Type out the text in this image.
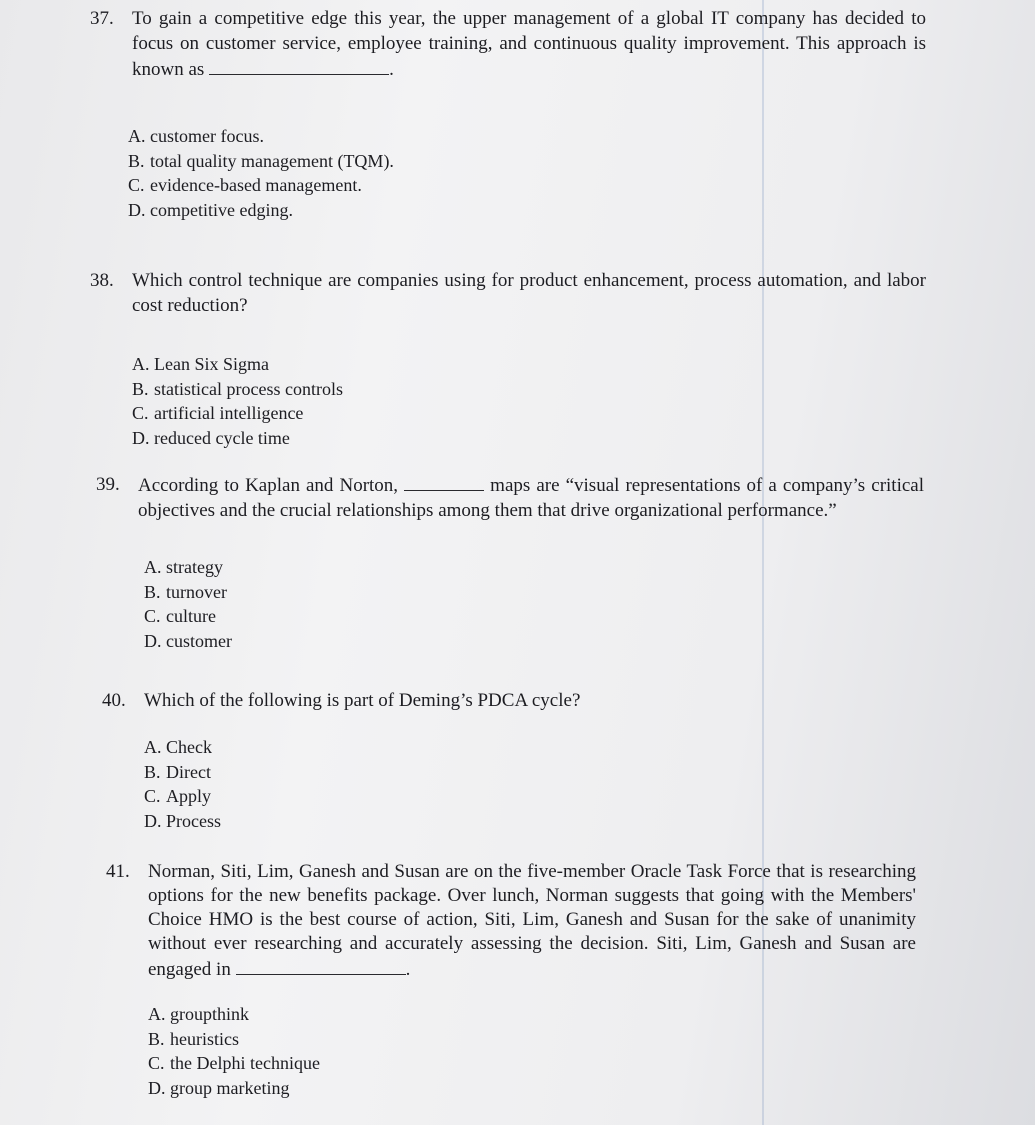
37. To gain a competitive edge this year, the upper management of a global IT company has decided to focus on customer service, employee training, and continuous quality improvement. This approach is known as	.
A. customer focus.
B. total quality management (TQM).
C. evidence-based management.
D. competitive edging.
38. Which control technique are companies using for product enhancement, process automation, and labor cost reduction?
A. Lean Six Sigma
B. statistical process controls
C. artificial intelligence
D. reduced cycle time
39. According to Kaplan and Norton,	maps are “visual representations of a company’s critical objectives and the crucial relationships among them that drive organizational performance.”
A. strategy
B. turnover
C. culture
D. customer
40. Which of the following is part of Deming’s PDCA cycle?
A. Check
B. Direct
C. Apply
D. Process
41. Norman, Siti, Lim, Ganesh and Susan are on the five-member Oracle Task Force that is researching options for the new benefits package. Over lunch, Norman suggests that going with the Members' Choice HMO is the best course of action, Siti, Lim, Ganesh and Susan for the sake of unanimity without ever researching and accurately assessing the decision. Siti, Lim, Ganesh and Susan are engaged in	.
A. groupthink
B. heuristics
C. the Delphi technique
D. group marketing
